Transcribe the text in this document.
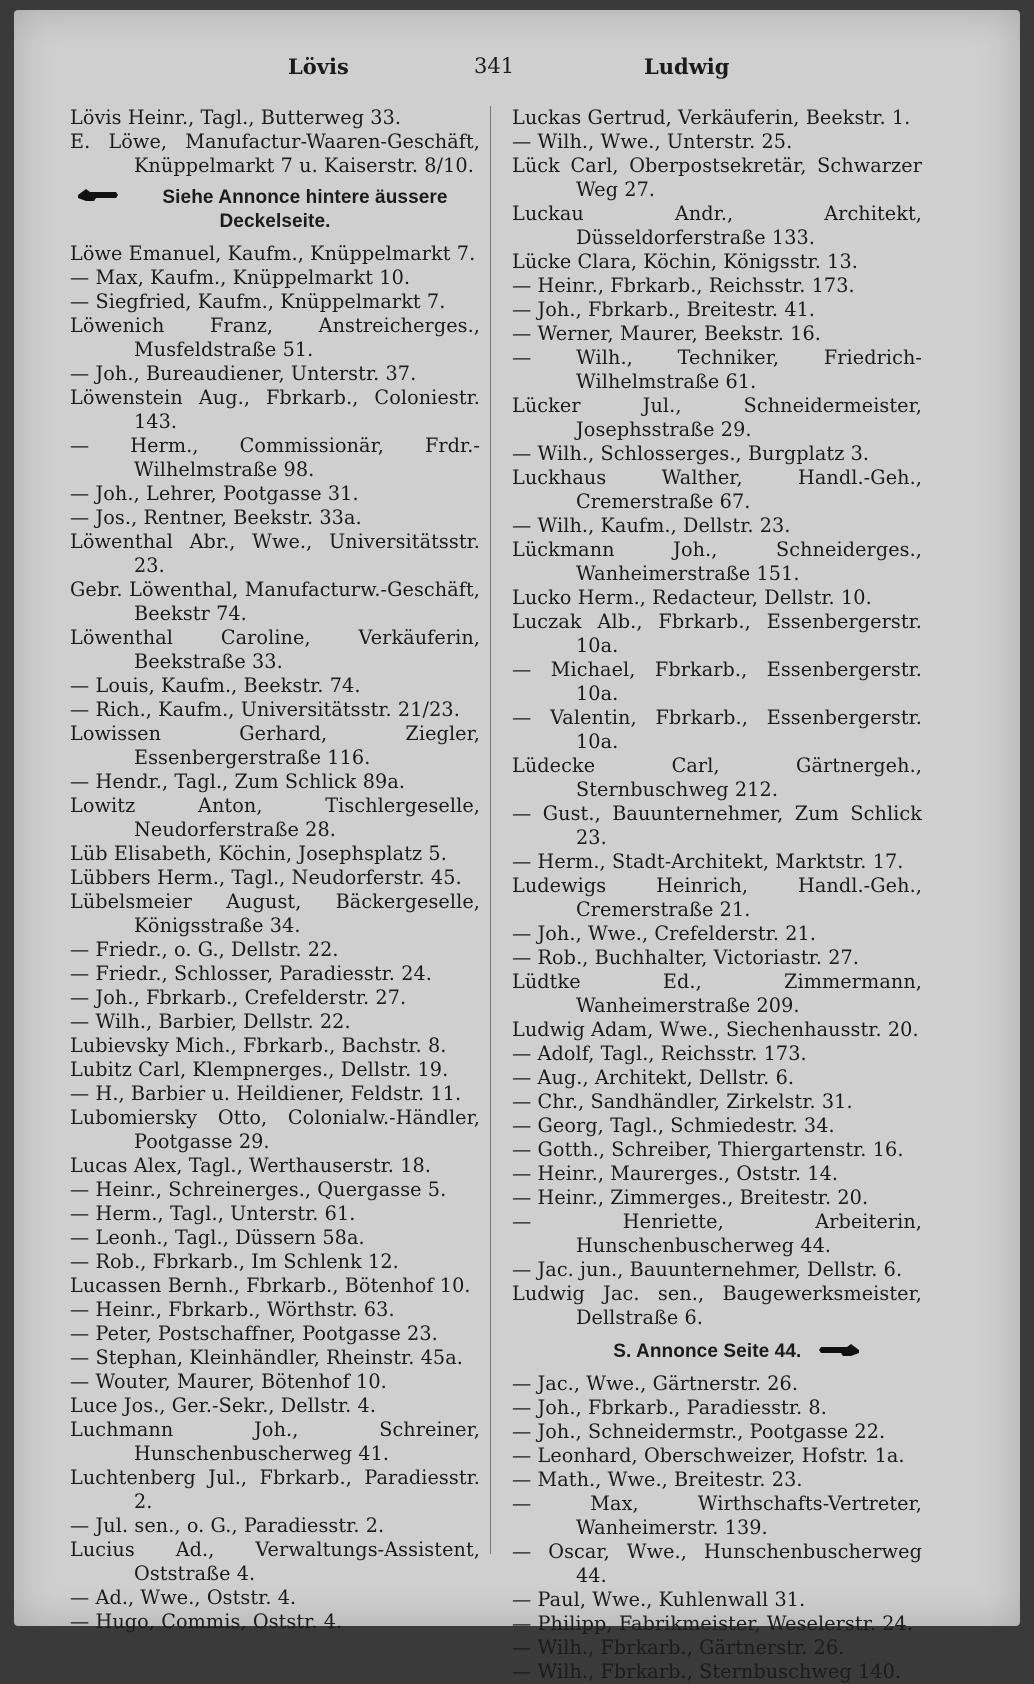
Lövis	341	Ludwig
Lövis Heinr., Tagl., Butterweg 33.
E. Löwe, Manufactur-Waaren-Geschäft, Knüppelmarkt 7 u. Kaiserstr. 8/10.
Siehe Annonce hintere äussere Deckelseite.
Löwe Emanuel, Kaufm., Knüppelmarkt 7.
— Max, Kaufm., Knüppelmarkt 10.
— Siegfried, Kaufm., Knüppelmarkt 7.
Löwenich Franz, Anstreicherges., Musfeldstraße 51.
— Joh., Bureaudiener, Unterstr. 37.
Löwenstein Aug., Fbrkarb., Coloniestr. 143.
— Herm., Commissionär, Frdr.-Wilhelmstraße 98.
— Joh., Lehrer, Pootgasse 31.
— Jos., Rentner, Beekstr. 33a.
Löwenthal Abr., Wwe., Universitätsstr. 23.
Gebr. Löwenthal, Manufacturw.-Geschäft, Beekstr 74.
Löwenthal Caroline, Verkäuferin, Beekstraße 33.
— Louis, Kaufm., Beekstr. 74.
— Rich., Kaufm., Universitätsstr. 21/23.
Lowissen Gerhard, Ziegler, Essenbergerstraße 116.
— Hendr., Tagl., Zum Schlick 89a.
Lowitz Anton, Tischlergeselle, Neudorferstraße 28.
Lüb Elisabeth, Köchin, Josephsplatz 5.
Lübbers Herm., Tagl., Neudorferstr. 45.
Lübelsmeier August, Bäckergeselle, Königsstraße 34.
— Friedr., o. G., Dellstr. 22.
— Friedr., Schlosser, Paradiesstr. 24.
— Joh., Fbrkarb., Crefelderstr. 27.
— Wilh., Barbier, Dellstr. 22.
Lubievsky Mich., Fbrkarb., Bachstr. 8.
Lubitz Carl, Klempnerges., Dellstr. 19.
— H., Barbier u. Heildiener, Feldstr. 11.
Lubomiersky Otto, Colonialw.-Händler, Pootgasse 29.
Lucas Alex, Tagl., Werthauserstr. 18.
— Heinr., Schreinerges., Quergasse 5.
— Herm., Tagl., Unterstr. 61.
— Leonh., Tagl., Düssern 58a.
— Rob., Fbrkarb., Im Schlenk 12.
Lucassen Bernh., Fbrkarb., Bötenhof 10.
— Heinr., Fbrkarb., Wörthstr. 63.
— Peter, Postschaffner, Pootgasse 23.
— Stephan, Kleinhändler, Rheinstr. 45a.
— Wouter, Maurer, Bötenhof 10.
Luce Jos., Ger.-Sekr., Dellstr. 4.
Luchmann Joh., Schreiner, Hunschenbuscherweg 41.
Luchtenberg Jul., Fbrkarb., Paradiesstr. 2.
— Jul. sen., o. G., Paradiesstr. 2.
Lucius Ad., Verwaltungs-Assistent, Oststraße 4.
— Ad., Wwe., Oststr. 4.
— Hugo, Commis, Oststr. 4.
Luckas Gertrud, Verkäuferin, Beekstr. 1.
— Wilh., Wwe., Unterstr. 25.
Lück Carl, Oberpostsekretär, Schwarzer Weg 27.
Luckau Andr., Architekt, Düsseldorferstraße 133.
Lücke Clara, Köchin, Königsstr. 13.
— Heinr., Fbrkarb., Reichsstr. 173.
— Joh., Fbrkarb., Breitestr. 41.
— Werner, Maurer, Beekstr. 16.
— Wilh., Techniker, Friedrich-Wilhelmstraße 61.
Lücker Jul., Schneidermeister, Josephsstraße 29.
— Wilh., Schlosserges., Burgplatz 3.
Luckhaus Walther, Handl.-Geh., Cremerstraße 67.
— Wilh., Kaufm., Dellstr. 23.
Lückmann Joh., Schneiderges., Wanheimerstraße 151.
Lucko Herm., Redacteur, Dellstr. 10.
Luczak Alb., Fbrkarb., Essenbergerstr. 10a.
— Michael, Fbrkarb., Essenbergerstr. 10a.
— Valentin, Fbrkarb., Essenbergerstr. 10a.
Lüdecke Carl, Gärtnergeh., Sternbuschweg 212.
— Gust., Bauunternehmer, Zum Schlick 23.
— Herm., Stadt-Architekt, Marktstr. 17.
Ludewigs Heinrich, Handl.-Geh., Cremerstraße 21.
— Joh., Wwe., Crefelderstr. 21.
— Rob., Buchhalter, Victoriastr. 27.
Lüdtke Ed., Zimmermann, Wanheimerstraße 209.
Ludwig Adam, Wwe., Siechenhausstr. 20.
— Adolf, Tagl., Reichsstr. 173.
— Aug., Architekt, Dellstr. 6.
— Chr., Sandhändler, Zirkelstr. 31.
— Georg, Tagl., Schmiedestr. 34.
— Gotth., Schreiber, Thiergartenstr. 16.
— Heinr., Maurerges., Oststr. 14.
— Heinr., Zimmerges., Breitestr. 20.
— Henriette, Arbeiterin, Hunschenbuscherweg 44.
— Jac. jun., Bauunternehmer, Dellstr. 6.
Ludwig Jac. sen., Baugewerksmeister, Dellstraße 6.
S. Annonce Seite 44.
— Jac., Wwe., Gärtnerstr. 26.
— Joh., Fbrkarb., Paradiesstr. 8.
— Joh., Schneidermstr., Pootgasse 22.
— Leonhard, Oberschweizer, Hofstr. 1a.
— Math., Wwe., Breitestr. 23.
— Max, Wirthschafts-Vertreter, Wanheimerstr. 139.
— Oscar, Wwe., Hunschenbuscherweg 44.
— Paul, Wwe., Kuhlenwall 31.
— Philipp, Fabrikmeister, Weselerstr. 24.
— Wilh., Fbrkarb., Gärtnerstr. 26.
— Wilh., Fbrkarb., Sternbuschweg 140.
